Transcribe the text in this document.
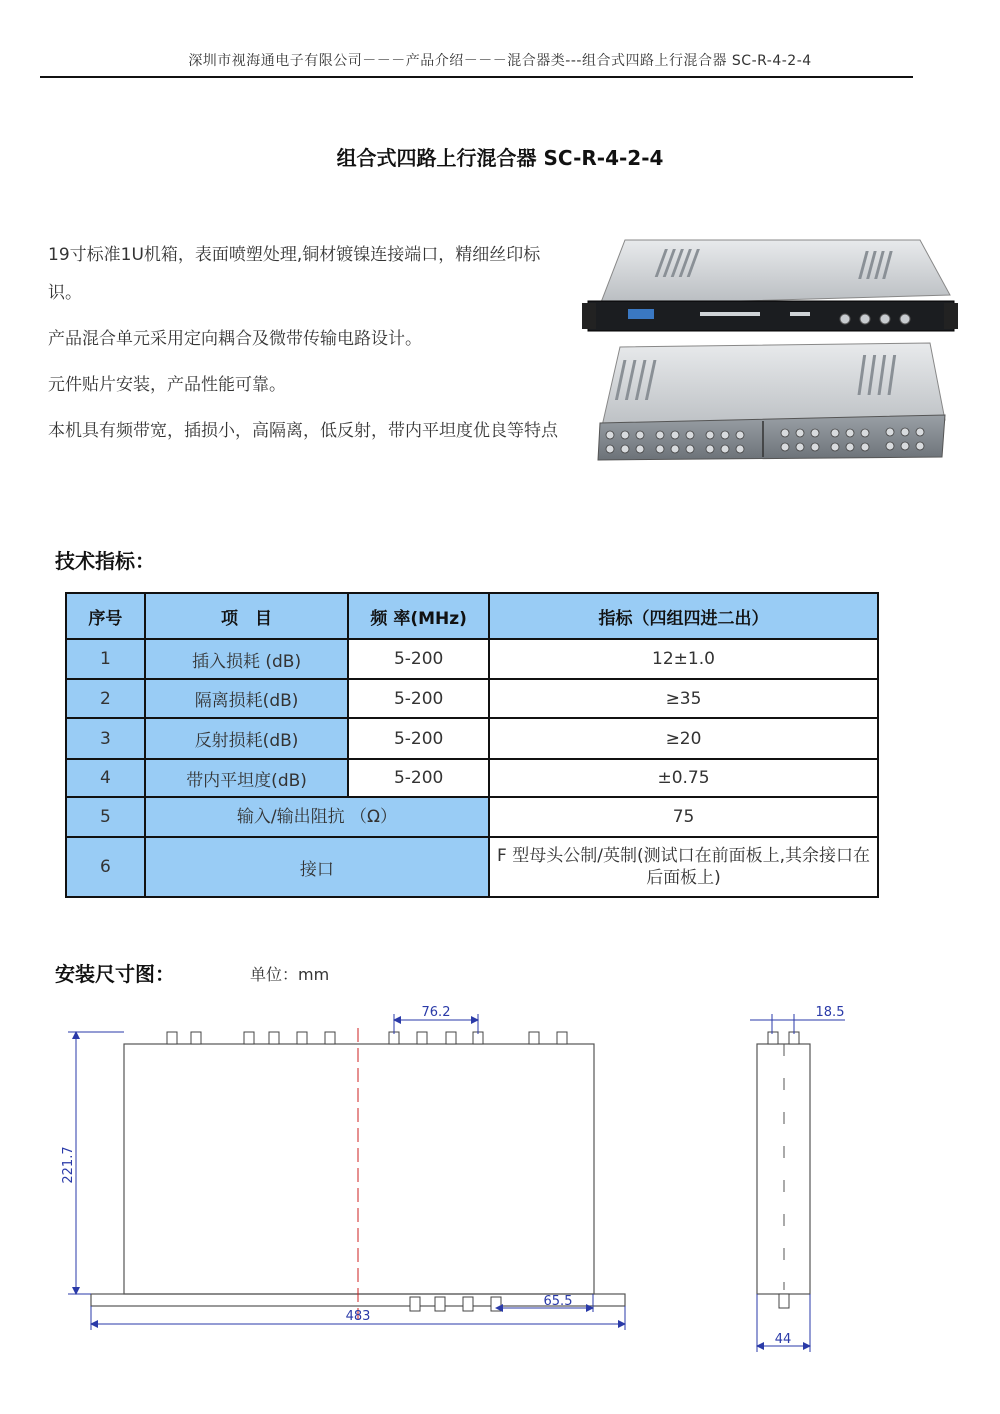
深圳市视海通电子有限公司－－－产品介绍－－－混合器类---组合式四路上行混合器 SC-R-4-2-4
组合式四路上行混合器 SC-R-4-2-4

19寸标准1U机箱，表面喷塑处理,铜材镀镍连接端口，精细丝印标识。

产品混合单元采用定向耦合及微带传输电路设计。

元件贴片安装，产品性能可靠。

本机具有频带宽，插损小，高隔离，低反射，带内平坦度优良等特点

技术指标：
序号	项　目	频 率(MHz)	指标（四组四进二出）
1	插入损耗 (dB)	5-200	12±1.0
2	隔离损耗(dB)	5-200	≥35
3	反射损耗(dB)	5-200	≥20
4	带内平坦度(dB)	5-200	±0.75
5	输入/输出阻抗 （Ω）		75
6	接口		F 型母头公制/英制(测试口在前面板上,其余接口在后面板上)
安装尺寸图：	单位：mm
76.2
221.7
483
65.5
18.5
44
